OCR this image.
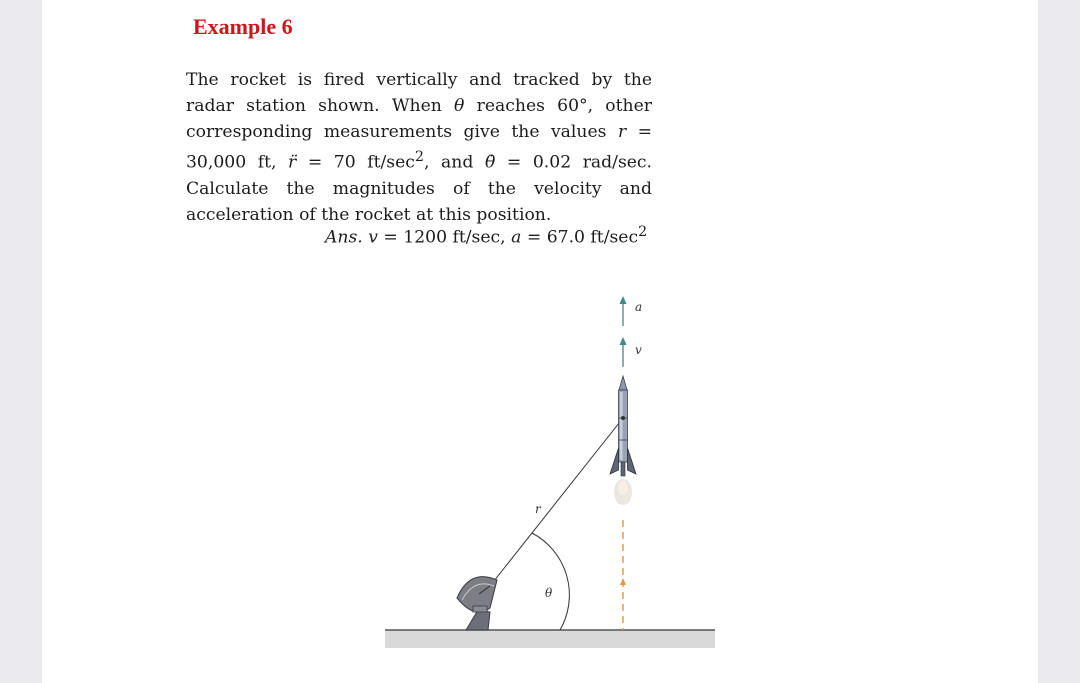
Example 6
The rocket is fired vertically and tracked by the radar station shown. When θ reaches 60°, other corresponding measurements give the values r = 30,000 ft, r̈ = 70 $ft/\sec^2$, and θ̇ = 0.02 rad/sec. Calculate the magnitudes of the velocity and acceleration of the rocket at this position.
Ans. v = 1200 ft/sec, a = 67.0 $ft/\sec^2$
r
θ
v
a
